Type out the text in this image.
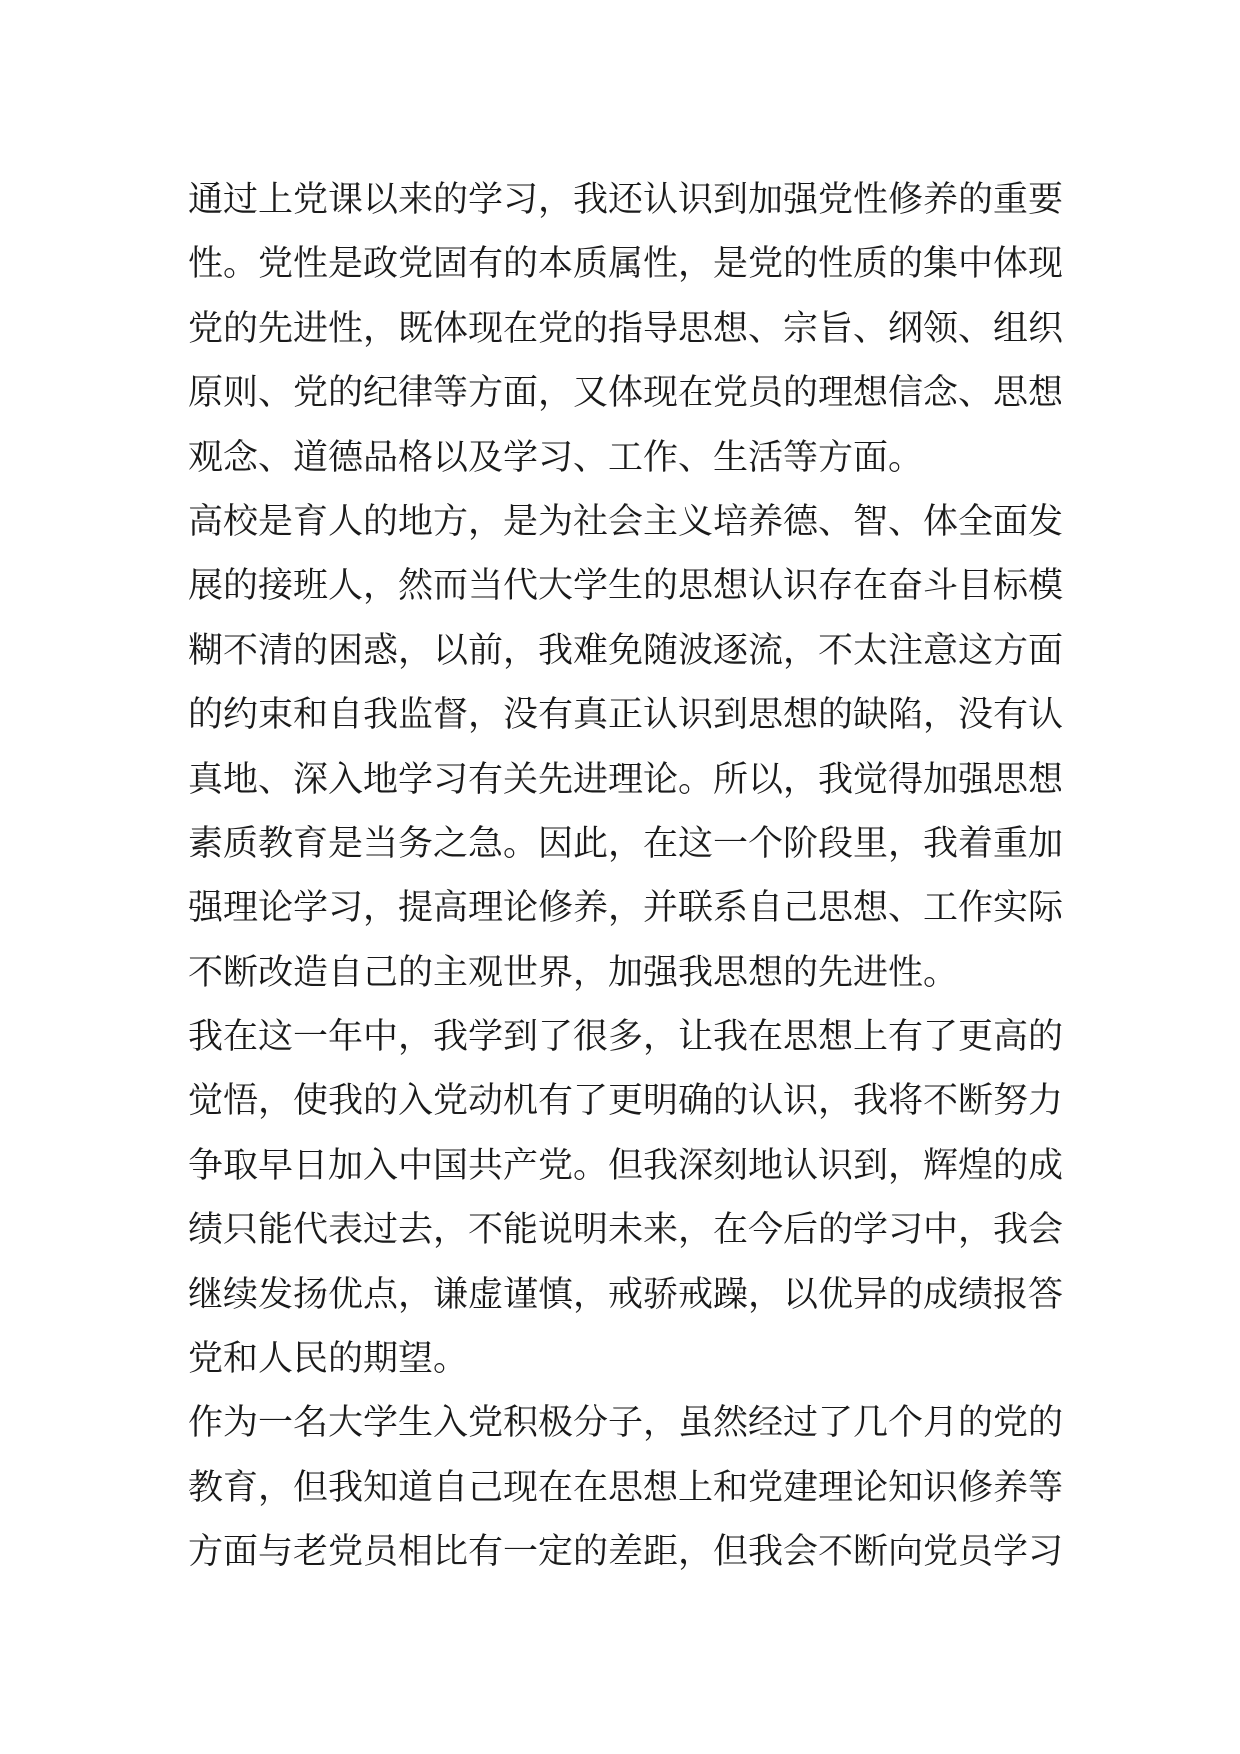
通过上党课以来的学习，我还认识到加强党性修养的重要
性。党性是政党固有的本质属性，是党的性质的集中体现
党的先进性，既体现在党的指导思想、宗旨、纲领、组织
原则、党的纪律等方面，又体现在党员的理想信念、思想
观念、道德品格以及学习、工作、生活等方面。
高校是育人的地方，是为社会主义培养德、智、体全面发
展的接班人，然而当代大学生的思想认识存在奋斗目标模
糊不清的困惑，以前，我难免随波逐流，不太注意这方面
的约束和自我监督，没有真正认识到思想的缺陷，没有认
真地、深入地学习有关先进理论。所以，我觉得加强思想
素质教育是当务之急。因此，在这一个阶段里，我着重加
强理论学习，提高理论修养，并联系自己思想、工作实际
不断改造自己的主观世界，加强我思想的先进性。
我在这一年中，我学到了很多，让我在思想上有了更高的
觉悟，使我的入党动机有了更明确的认识，我将不断努力
争取早日加入中国共产党。但我深刻地认识到，辉煌的成
绩只能代表过去，不能说明未来，在今后的学习中，我会
继续发扬优点，谦虚谨慎，戒骄戒躁，以优异的成绩报答
党和人民的期望。
作为一名大学生入党积极分子，虽然经过了几个月的党的
教育，但我知道自己现在在思想上和党建理论知识修养等
方面与老党员相比有一定的差距，但我会不断向党员学习
